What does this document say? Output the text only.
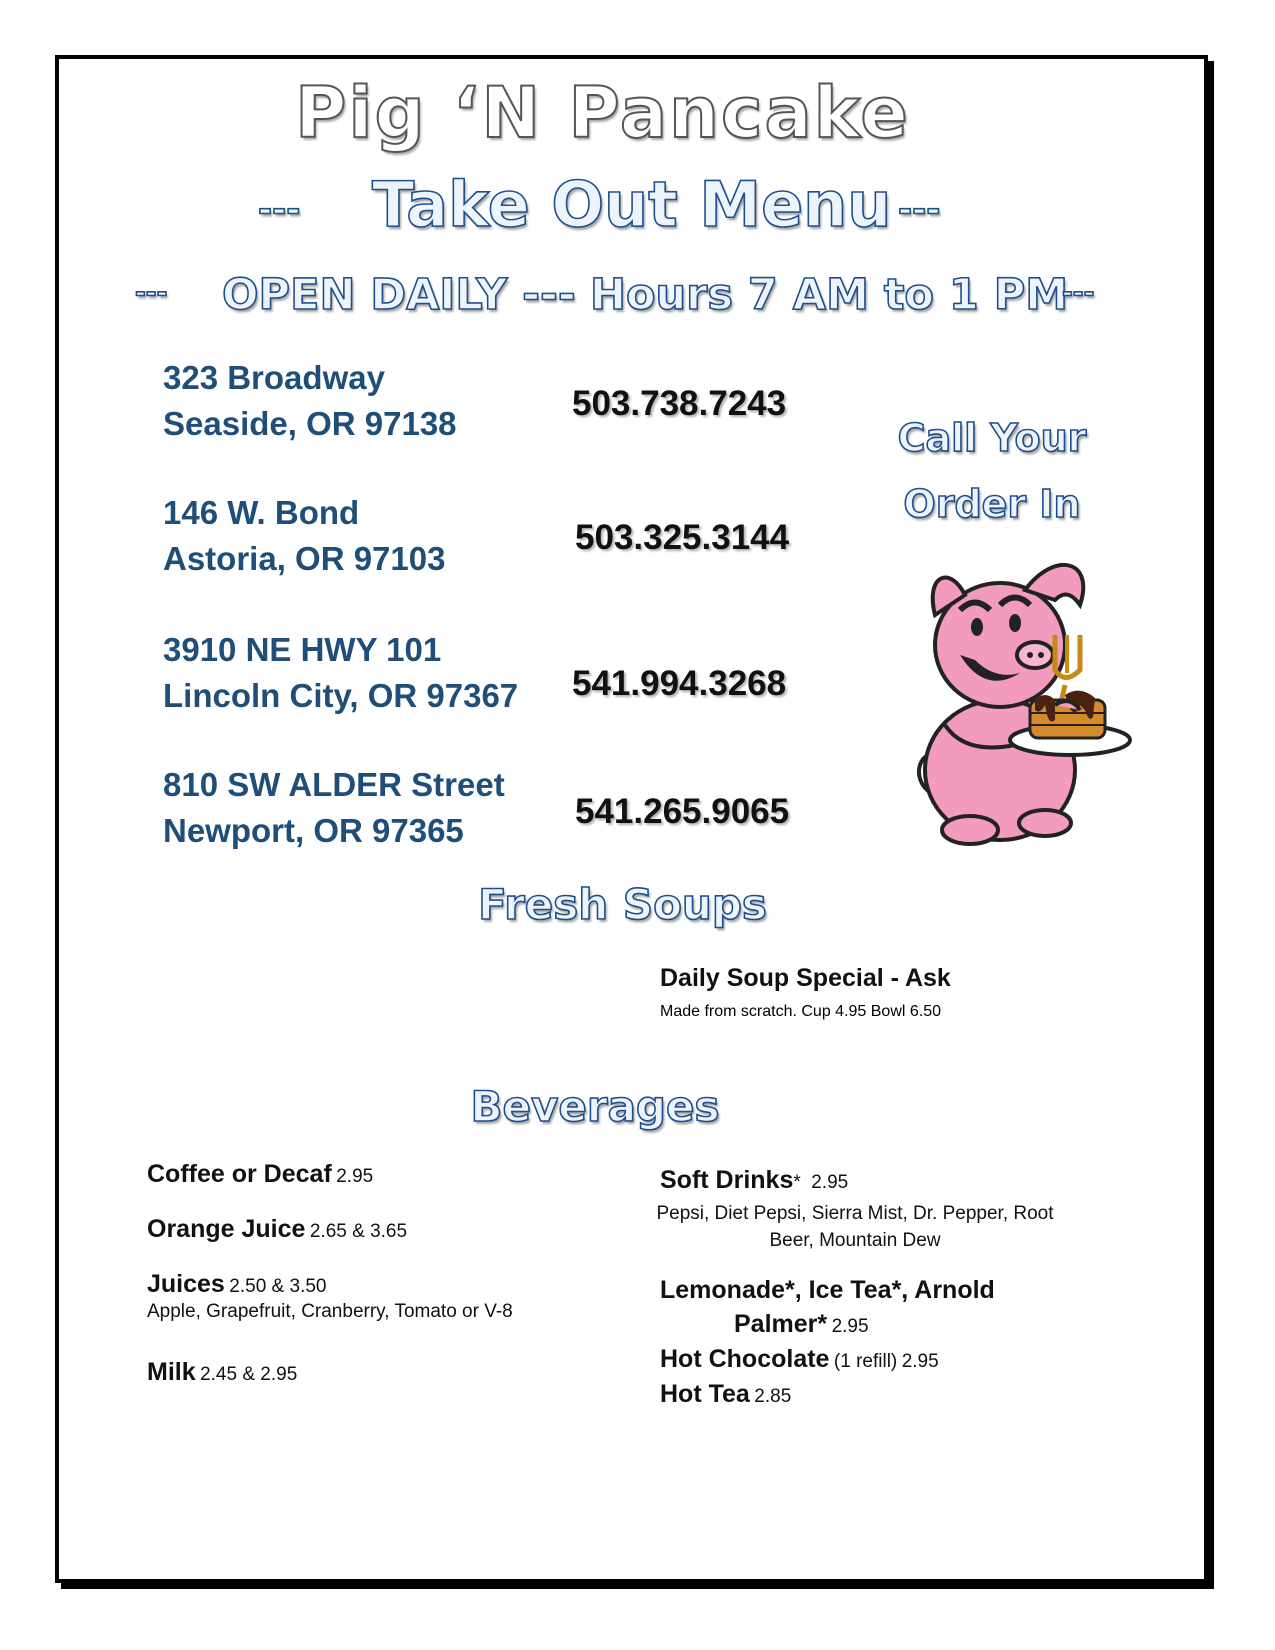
Pig ‘N Pancake
--- Take Out Menu ---
--- OPEN DAILY --- Hours 7 AM to 1 PM
---
323 Broadway
Seaside, OR 97138
503.738.7243
146 W. Bond
Astoria, OR 97103
503.325.3144
3910 NE HWY 101
Lincoln City, OR 97367 541.994.3268
810 SW ALDER Street
Newport, OR 97365	541.265.9065
Call Your
Order In
Fresh Soups
Daily Soup Special - Ask
Made from scratch. Cup 4.95 Bowl 6.50
Beverages
Coffee or Decaf 2.95
Orange Juice 2.65 & 3.65
Juices 2.50 & 3.50
Apple, Grapefruit, Cranberry, Tomato or V-8
Milk 2.45 & 2.95
Soft Drinks* 2.95
Pepsi, Diet Pepsi, Sierra Mist, Dr. Pepper, Root
Beer, Mountain Dew
Lemonade*, Ice Tea*, Arnold
Palmer* 2.95
Hot Chocolate (1 refill) 2.95
Hot Tea 2.85
